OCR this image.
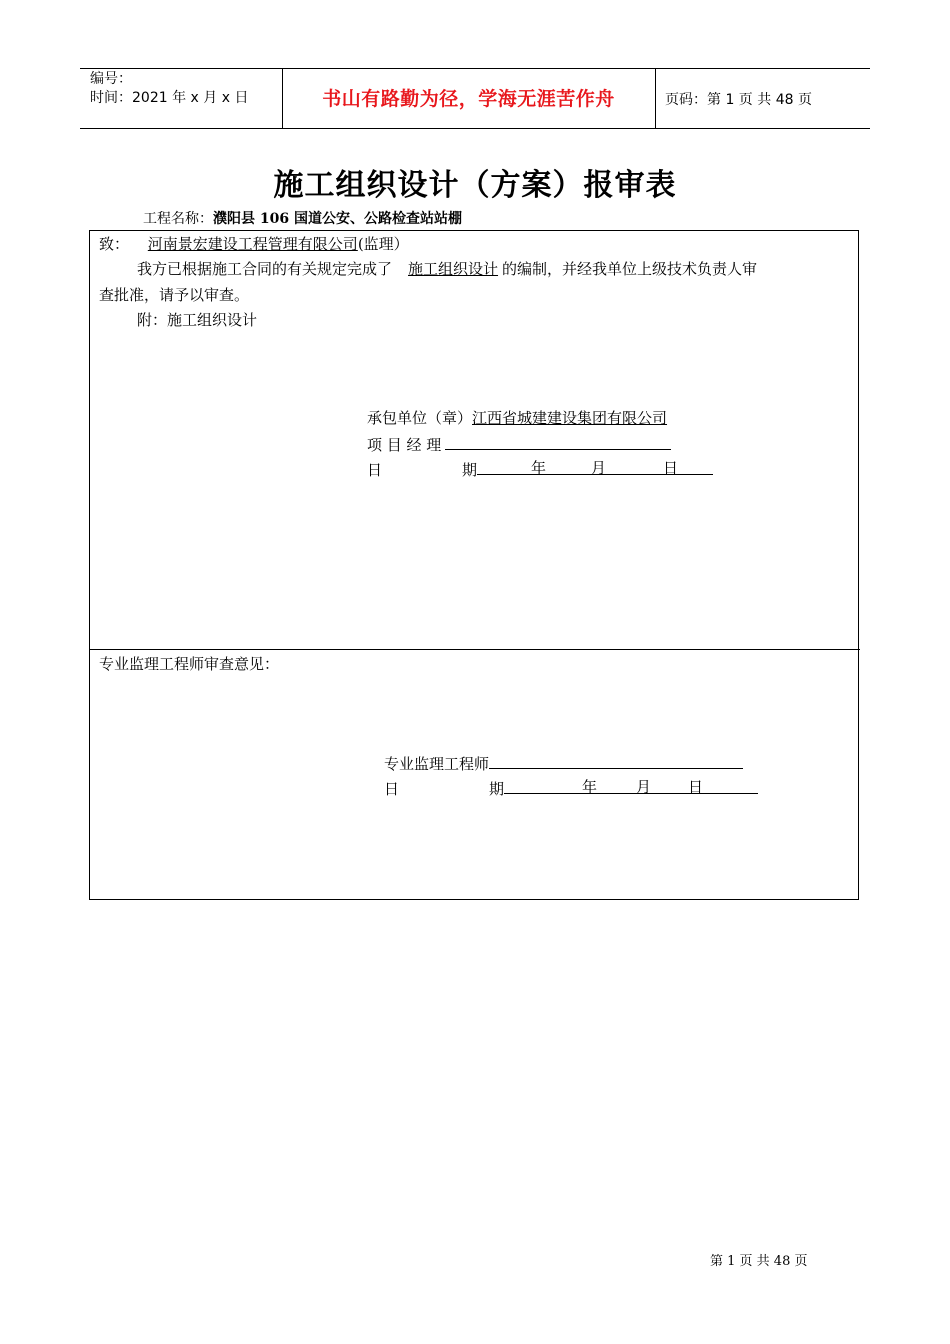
编号：
时间：2021 年 x 月 x 日	书山有路勤为径，学海无涯苦作舟	页码：第 1 页 共 48 页
施工组织设计（方案）报审表
工程名称：濮阳县 106 国道公安、公路检查站站棚
致： 河南景宏建设工程管理有限公司(监理）
我方已根据施工合同的有关规定完成了 施工组织设计 的编制，并经我单位上级技术负责人审
查批准，请予以审查。
附：施工组织设计
承包单位（章）江西省城建建设集团有限公司
项 目 经 理
日	期	年	月	日
专业监理工程师审查意见：
专业监理工程师
日	期	年	月 日
第 1 页 共 48 页
